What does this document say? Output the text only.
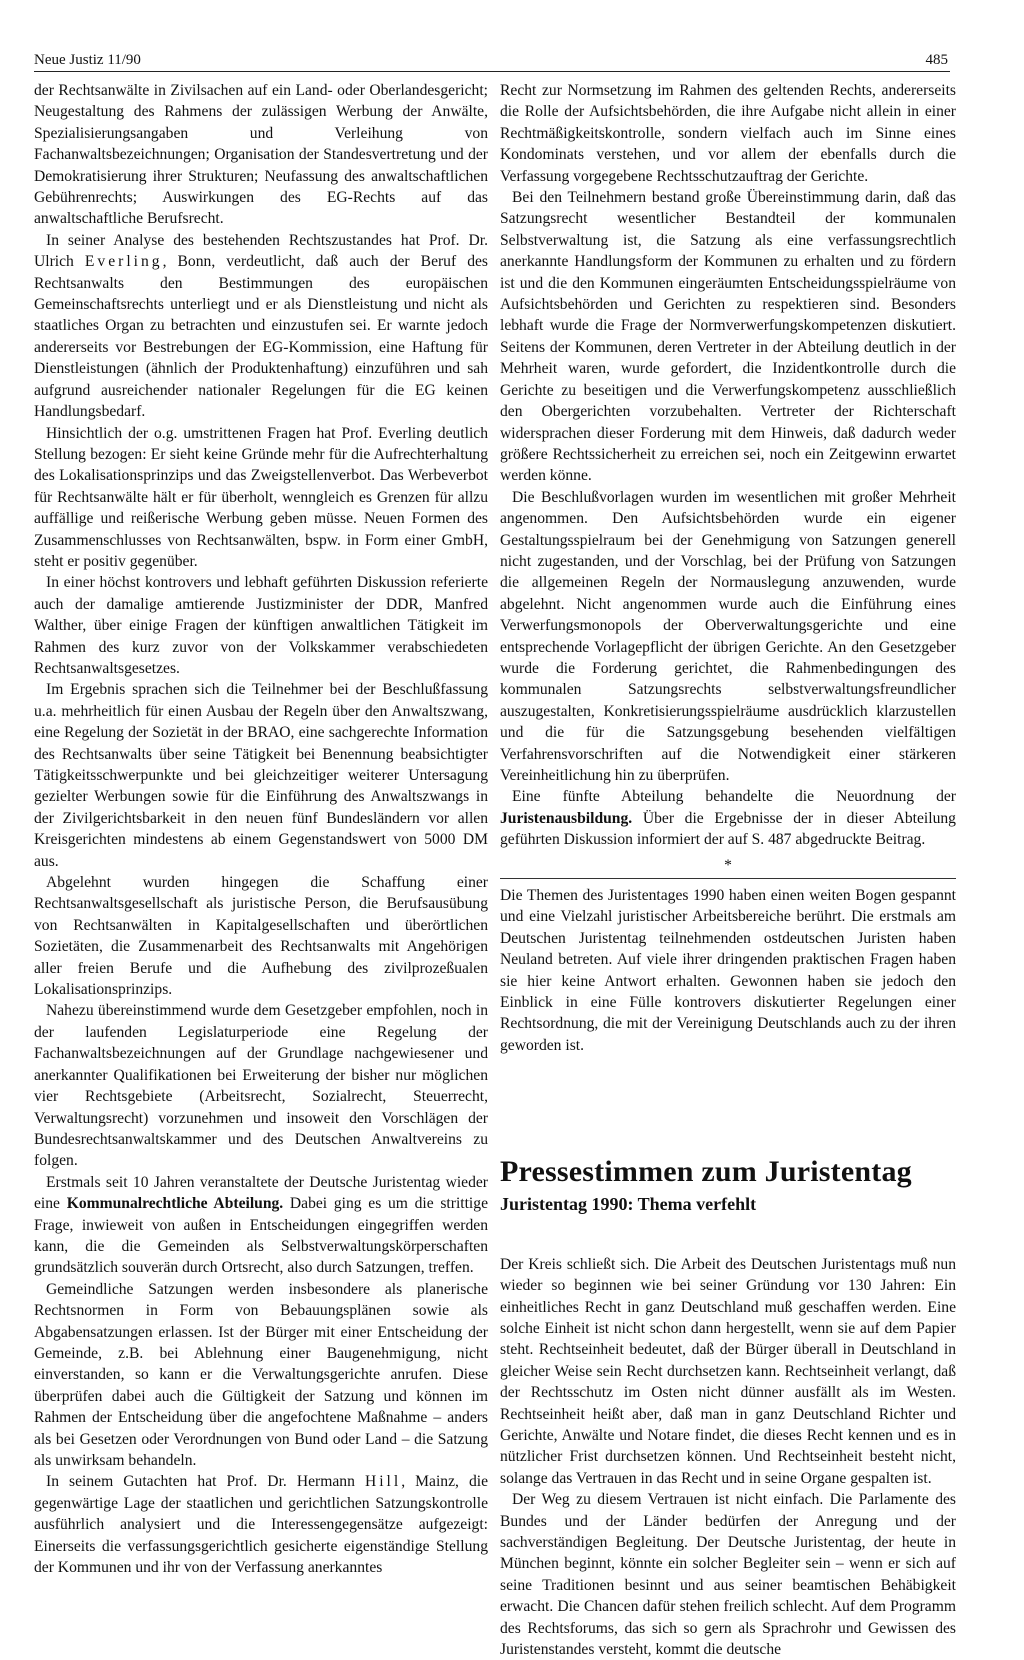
Neue Justiz 11/90	485

der Rechtsanwälte in Zivilsachen auf ein Land- oder Oberlandesgericht; Neugestaltung des Rahmens der zulässigen Werbung der Anwälte, Spezialisierungsangaben und Verleihung von Fachanwaltsbezeichnungen; Organisation der Standesvertretung und der Demokratisierung ihrer Strukturen; Neufassung des anwaltschaftlichen Gebührenrechts; Auswirkungen des EG-Rechts auf das anwaltschaftliche Berufsrecht.

In seiner Analyse des bestehenden Rechtszustandes hat Prof. Dr. Ulrich Everling, Bonn, verdeutlicht, daß auch der Beruf des Rechtsanwalts den Bestimmungen des europäischen Gemeinschaftsrechts unterliegt und er als Dienstleistung und nicht als staatliches Organ zu betrachten und einzustufen sei. Er warnte jedoch andererseits vor Bestrebungen der EG-Kommission, eine Haftung für Dienstleistungen (ähnlich der Produktenhaftung) einzuführen und sah aufgrund ausreichender nationaler Regelungen für die EG keinen Handlungsbedarf.

Hinsichtlich der o.g. umstrittenen Fragen hat Prof. Everling deutlich Stellung bezogen: Er sieht keine Gründe mehr für die Aufrechterhaltung des Lokalisationsprinzips und das Zweigstellenverbot. Das Werbeverbot für Rechtsanwälte hält er für überholt, wenngleich es Grenzen für allzu auffällige und reißerische Werbung geben müsse. Neuen Formen des Zusammenschlusses von Rechtsanwälten, bspw. in Form einer GmbH, steht er positiv gegenüber.

In einer höchst kontrovers und lebhaft geführten Diskussion referierte auch der damalige amtierende Justizminister der DDR, Manfred Walther, über einige Fragen der künftigen anwaltlichen Tätigkeit im Rahmen des kurz zuvor von der Volkskammer verabschiedeten Rechtsanwaltsgesetzes.

Im Ergebnis sprachen sich die Teilnehmer bei der Beschlußfassung u.a. mehrheitlich für einen Ausbau der Regeln über den Anwaltszwang, eine Regelung der Sozietät in der BRAO, eine sachgerechte Information des Rechtsanwalts über seine Tätigkeit bei Benennung beabsichtigter Tätigkeitsschwerpunkte und bei gleichzeitiger weiterer Untersagung gezielter Werbungen sowie für die Einführung des Anwaltszwangs in der Zivilgerichtsbarkeit in den neuen fünf Bundesländern vor allen Kreisgerichten mindestens ab einem Gegenstandswert von 5000 DM aus.

Abgelehnt wurden hingegen die Schaffung einer Rechtsanwaltsgesellschaft als juristische Person, die Berufsausübung von Rechtsanwälten in Kapitalgesellschaften und überörtlichen Sozietäten, die Zusammenarbeit des Rechtsanwalts mit Angehörigen aller freien Berufe und die Aufhebung des zivilprozeßualen Lokalisationsprinzips.

Nahezu übereinstimmend wurde dem Gesetzgeber empfohlen, noch in der laufenden Legislaturperiode eine Regelung der Fachanwaltsbezeichnungen auf der Grundlage nachgewiesener und anerkannter Qualifikationen bei Erweiterung der bisher nur möglichen vier Rechtsgebiete (Arbeitsrecht, Sozialrecht, Steuerrecht, Verwaltungsrecht) vorzunehmen und insoweit den Vorschlägen der Bundesrechtsanwaltskammer und des Deutschen Anwaltvereins zu folgen.

Erstmals seit 10 Jahren veranstaltete der Deutsche Juristentag wieder eine Kommunalrechtliche Abteilung. Dabei ging es um die strittige Frage, inwieweit von außen in Entscheidungen eingegriffen werden kann, die die Gemeinden als Selbstverwaltungskörperschaften grundsätzlich souverän durch Ortsrecht, also durch Satzungen, treffen.

Gemeindliche Satzungen werden insbesondere als planerische Rechtsnormen in Form von Bebauungsplänen sowie als Abgabensatzungen erlassen. Ist der Bürger mit einer Entscheidung der Gemeinde, z.B. bei Ablehnung einer Baugenehmigung, nicht einverstanden, so kann er die Verwaltungsgerichte anrufen. Diese überprüfen dabei auch die Gültigkeit der Satzung und können im Rahmen der Entscheidung über die angefochtene Maßnahme – anders als bei Gesetzen oder Verordnungen von Bund oder Land – die Satzung als unwirksam behandeln.

In seinem Gutachten hat Prof. Dr. Hermann Hill, Mainz, die gegenwärtige Lage der staatlichen und gerichtlichen Satzungskontrolle ausführlich analysiert und die Interessengegensätze aufgezeigt: Einerseits die verfassungsgerichtlich gesicherte eigenständige Stellung der Kommunen und ihr von der Verfassung anerkanntes

Recht zur Normsetzung im Rahmen des geltenden Rechts, andererseits die Rolle der Aufsichtsbehörden, die ihre Aufgabe nicht allein in einer Rechtmäßigkeitskontrolle, sondern vielfach auch im Sinne eines Kondominats verstehen, und vor allem der ebenfalls durch die Verfassung vorgegebene Rechtsschutzauftrag der Gerichte.

Bei den Teilnehmern bestand große Übereinstimmung darin, daß das Satzungsrecht wesentlicher Bestandteil der kommunalen Selbstverwaltung ist, die Satzung als eine verfassungsrechtlich anerkannte Handlungsform der Kommunen zu erhalten und zu fördern ist und die den Kommunen eingeräumten Entscheidungsspielräume von Aufsichtsbehörden und Gerichten zu respektieren sind. Besonders lebhaft wurde die Frage der Normverwerfungskompetenzen diskutiert. Seitens der Kommunen, deren Vertreter in der Abteilung deutlich in der Mehrheit waren, wurde gefordert, die Inzidentkontrolle durch die Gerichte zu beseitigen und die Verwerfungskompetenz ausschließlich den Obergerichten vorzubehalten. Vertreter der Richterschaft widersprachen dieser Forderung mit dem Hinweis, daß dadurch weder größere Rechtssicherheit zu erreichen sei, noch ein Zeitgewinn erwartet werden könne.

Die Beschlußvorlagen wurden im wesentlichen mit großer Mehrheit angenommen. Den Aufsichtsbehörden wurde ein eigener Gestaltungsspielraum bei der Genehmigung von Satzungen generell nicht zugestanden, und der Vorschlag, bei der Prüfung von Satzungen die allgemeinen Regeln der Normauslegung anzuwenden, wurde abgelehnt. Nicht angenommen wurde auch die Einführung eines Verwerfungsmonopols der Oberverwaltungsgerichte und eine entsprechende Vorlagepflicht der übrigen Gerichte. An den Gesetzgeber wurde die Forderung gerichtet, die Rahmenbedingungen des kommunalen Satzungsrechts selbstverwaltungsfreundlicher auszugestalten, Konkretisierungsspielräume ausdrücklich klarzustellen und die für die Satzungsgebung besehenden vielfältigen Verfahrensvorschriften auf die Notwendigkeit einer stärkeren Vereinheitlichung hin zu überprüfen.

Eine fünfte Abteilung behandelte die Neuordnung der Juristenausbildung. Über die Ergebnisse der in dieser Abteilung geführten Diskussion informiert der auf S. 487 abgedruckte Beitrag.

*

Die Themen des Juristentages 1990 haben einen weiten Bogen gespannt und eine Vielzahl juristischer Arbeitsbereiche berührt. Die erstmals am Deutschen Juristentag teilnehmenden ostdeutschen Juristen haben Neuland betreten. Auf viele ihrer dringenden praktischen Fragen haben sie hier keine Antwort erhalten. Gewonnen haben sie jedoch den Einblick in eine Fülle kontrovers diskutierter Regelungen einer Rechtsordnung, die mit der Vereinigung Deutschlands auch zu der ihren geworden ist.

Pressestimmen zum Juristentag
Juristentag 1990: Thema verfehlt

Der Kreis schließt sich. Die Arbeit des Deutschen Juristentags muß nun wieder so beginnen wie bei seiner Gründung vor 130 Jahren: Ein einheitliches Recht in ganz Deutschland muß geschaffen werden. Eine solche Einheit ist nicht schon dann hergestellt, wenn sie auf dem Papier steht. Rechtseinheit bedeutet, daß der Bürger überall in Deutschland in gleicher Weise sein Recht durchsetzen kann. Rechtseinheit verlangt, daß der Rechtsschutz im Osten nicht dünner ausfällt als im Westen. Rechtseinheit heißt aber, daß man in ganz Deutschland Richter und Gerichte, Anwälte und Notare findet, die dieses Recht kennen und es in nützlicher Frist durchsetzen können. Und Rechtseinheit besteht nicht, solange das Vertrauen in das Recht und in seine Organe gespalten ist.

Der Weg zu diesem Vertrauen ist nicht einfach. Die Parlamente des Bundes und der Länder bedürfen der Anregung und der sachverständigen Begleitung. Der Deutsche Juristentag, der heute in München beginnt, könnte ein solcher Begleiter sein – wenn er sich auf seine Traditionen besinnt und aus seiner beamtischen Behäbigkeit erwacht. Die Chancen dafür stehen freilich schlecht. Auf dem Programm des Rechtsforums, das sich so gern als Sprachrohr und Gewissen des Juristenstandes versteht, kommt die deutsche
